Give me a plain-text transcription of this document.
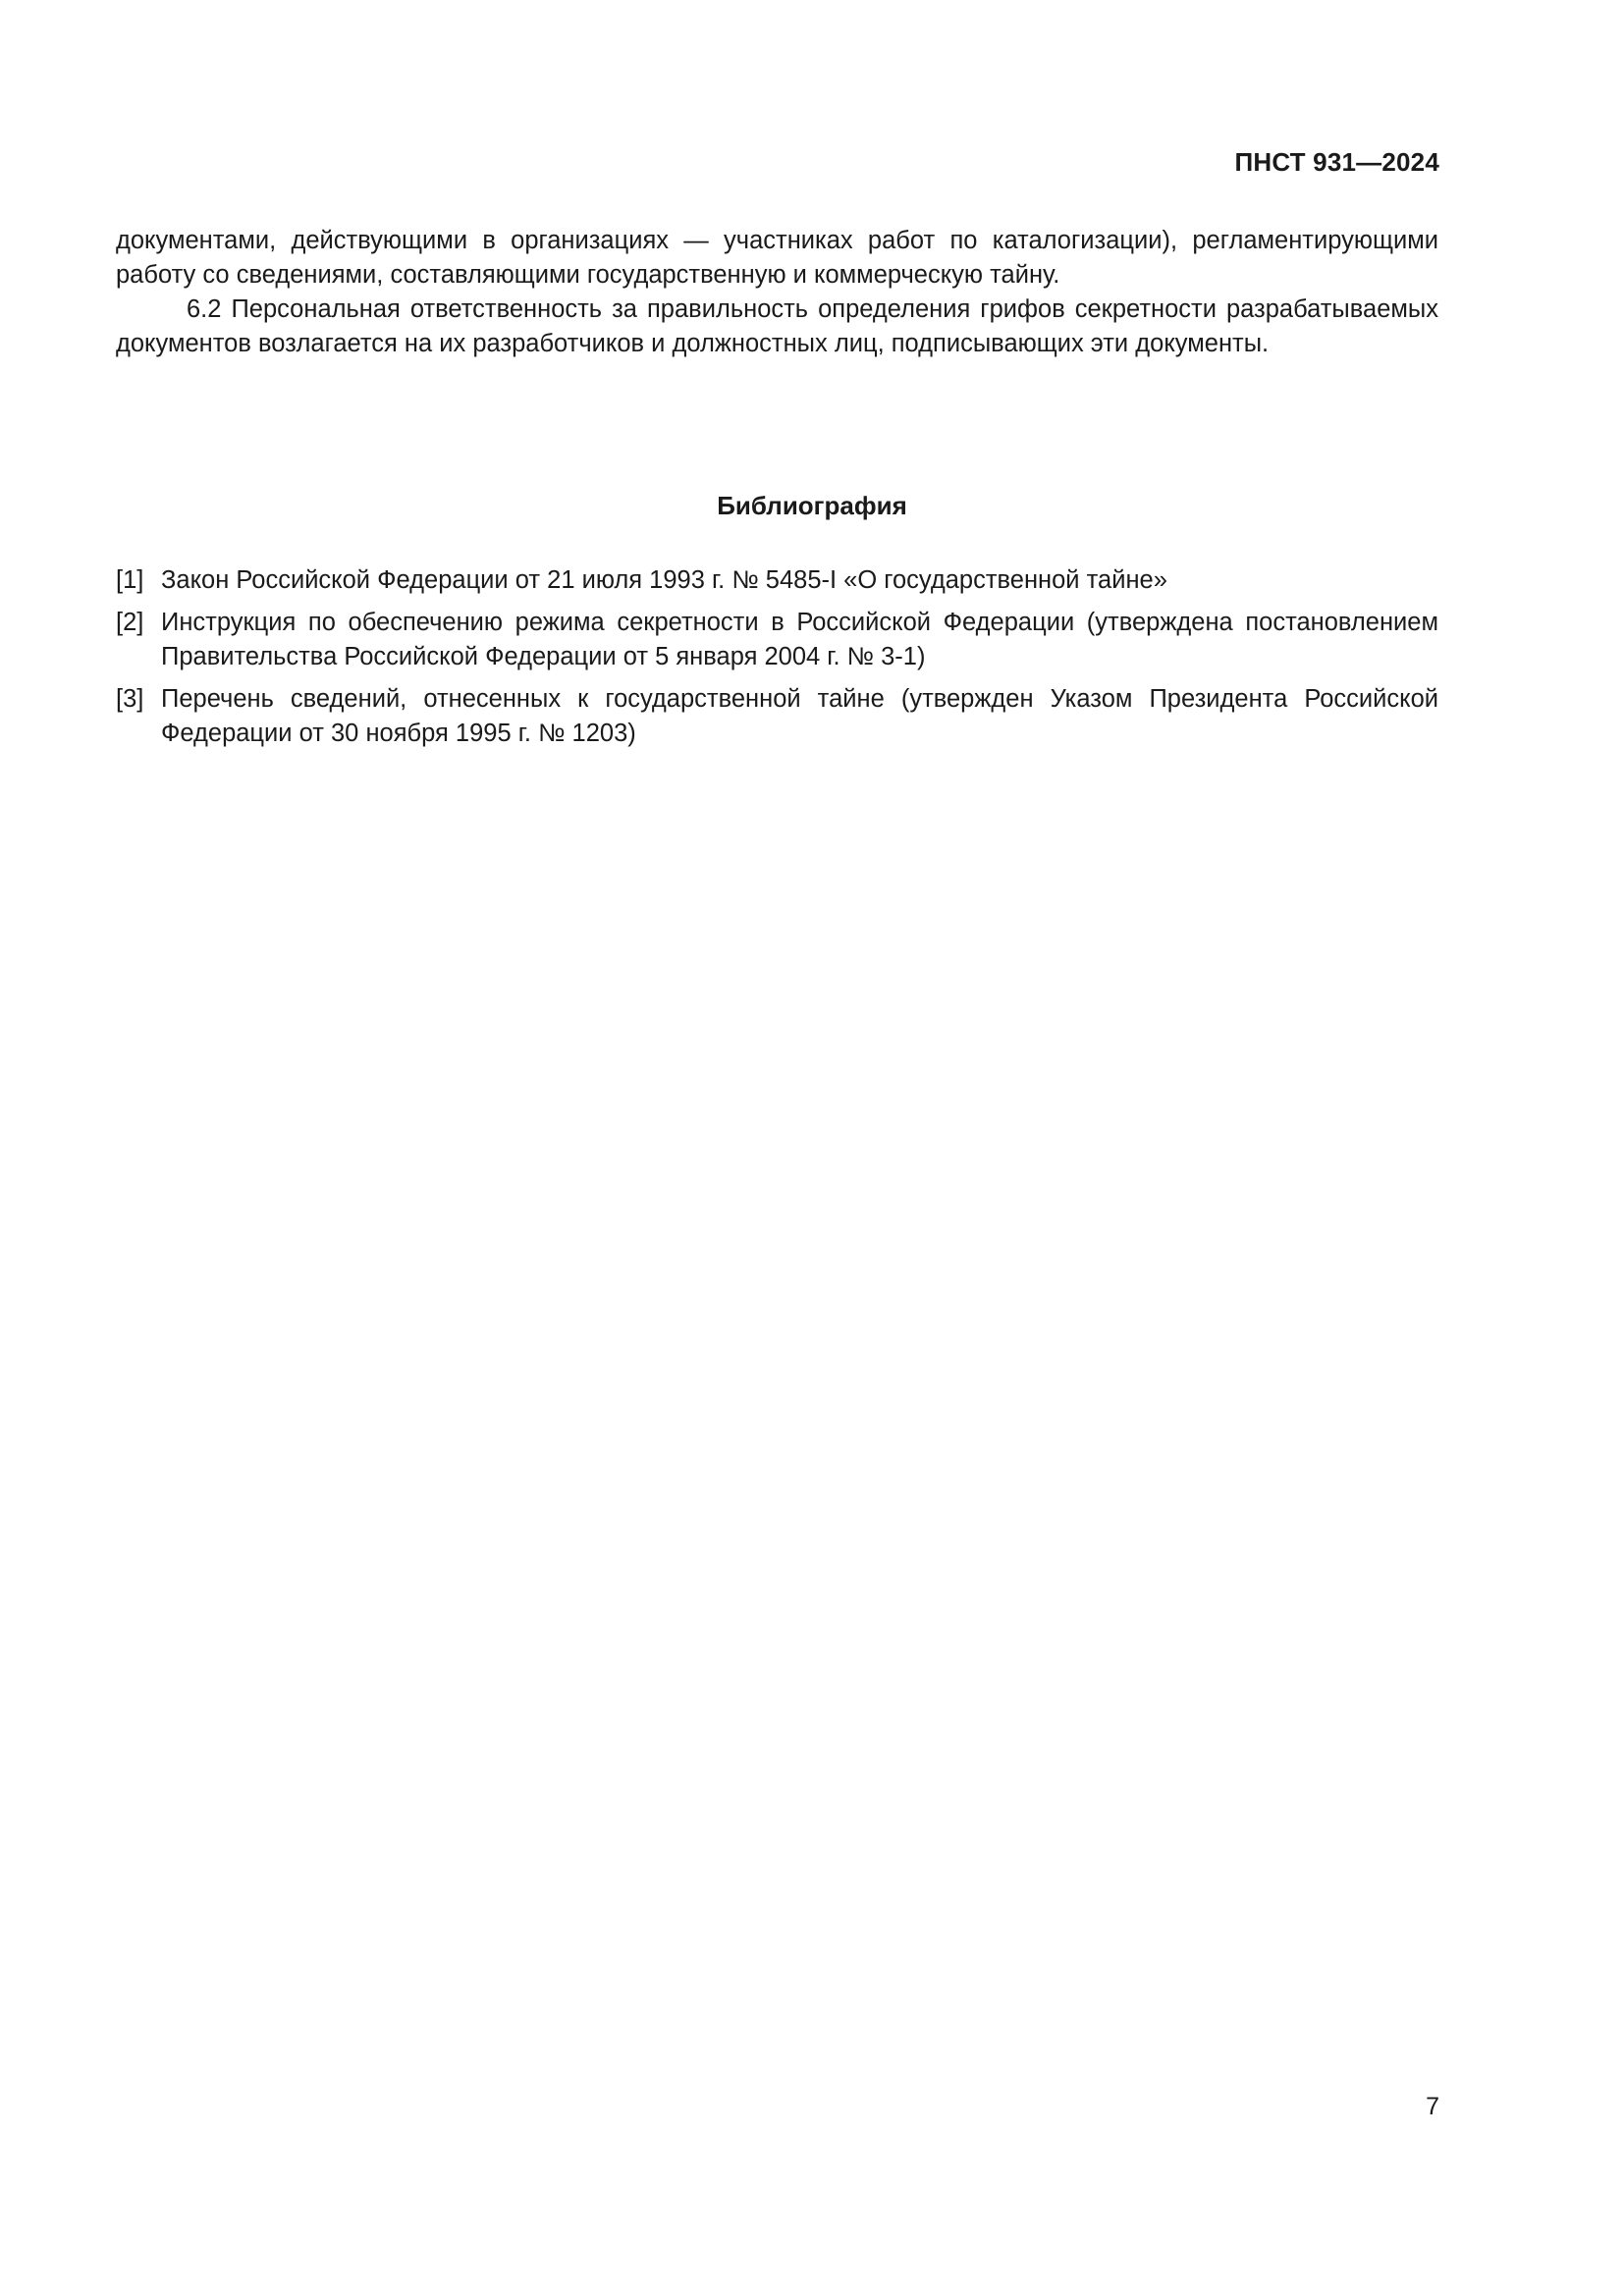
ПНСТ 931—2024

документами, действующими в организациях — участниках работ по каталогизации), регламентирующими работу со сведениями, составляющими государственную и коммерческую тайну.

6.2 Персональная ответственность за правильность определения грифов секретности разрабатываемых документов возлагается на их разработчиков и должностных лиц, подписывающих эти документы.

Библиография
[1] Закон Российской Федерации от 21 июля 1993 г. № 5485-I «О государственной тайне»
[2] Инструкция по обеспечению режима секретности в Российской Федерации (утверждена постановлением Правительства Российской Федерации от 5 января 2004 г. № 3-1)
[3] Перечень сведений, отнесенных к государственной тайне (утвержден Указом Президента Российской Федерации от 30 ноября 1995 г. № 1203)
7
